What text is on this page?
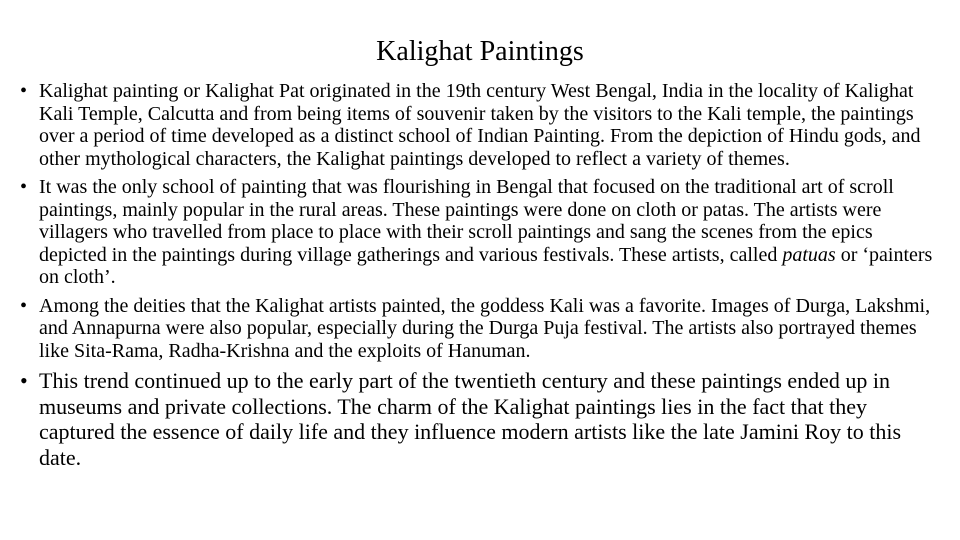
Kalighat Paintings
• Kalighat painting or Kalighat Pat originated in the 19th century West Bengal, India in the locality of Kalighat Kali Temple, Calcutta and from being items of souvenir taken by the visitors to the Kali temple, the paintings over a period of time developed as a distinct school of Indian Painting. From the depiction of Hindu gods, and other mythological characters, the Kalighat paintings developed to reflect a variety of themes.
• It was the only school of painting that was flourishing in Bengal that focused on the traditional art of scroll paintings, mainly popular in the rural areas. These paintings were done on cloth or patas. The artists were villagers who travelled from place to place with their scroll paintings and sang the scenes from the epics depicted in the paintings during village gatherings and various festivals. These artists, called patuas or ‘painters on cloth’.
• Among the deities that the Kalighat artists painted, the goddess Kali was a favorite. Images of Durga, Lakshmi, and Annapurna were also popular, especially during the Durga Puja festival. The artists also portrayed themes like Sita-Rama, Radha-Krishna and the exploits of Hanuman.
• This trend continued up to the early part of the twentieth century and these paintings ended up in museums and private collections. The charm of the Kalighat paintings lies in the fact that they captured the essence of daily life and they influence modern artists like the late Jamini Roy to this date.
